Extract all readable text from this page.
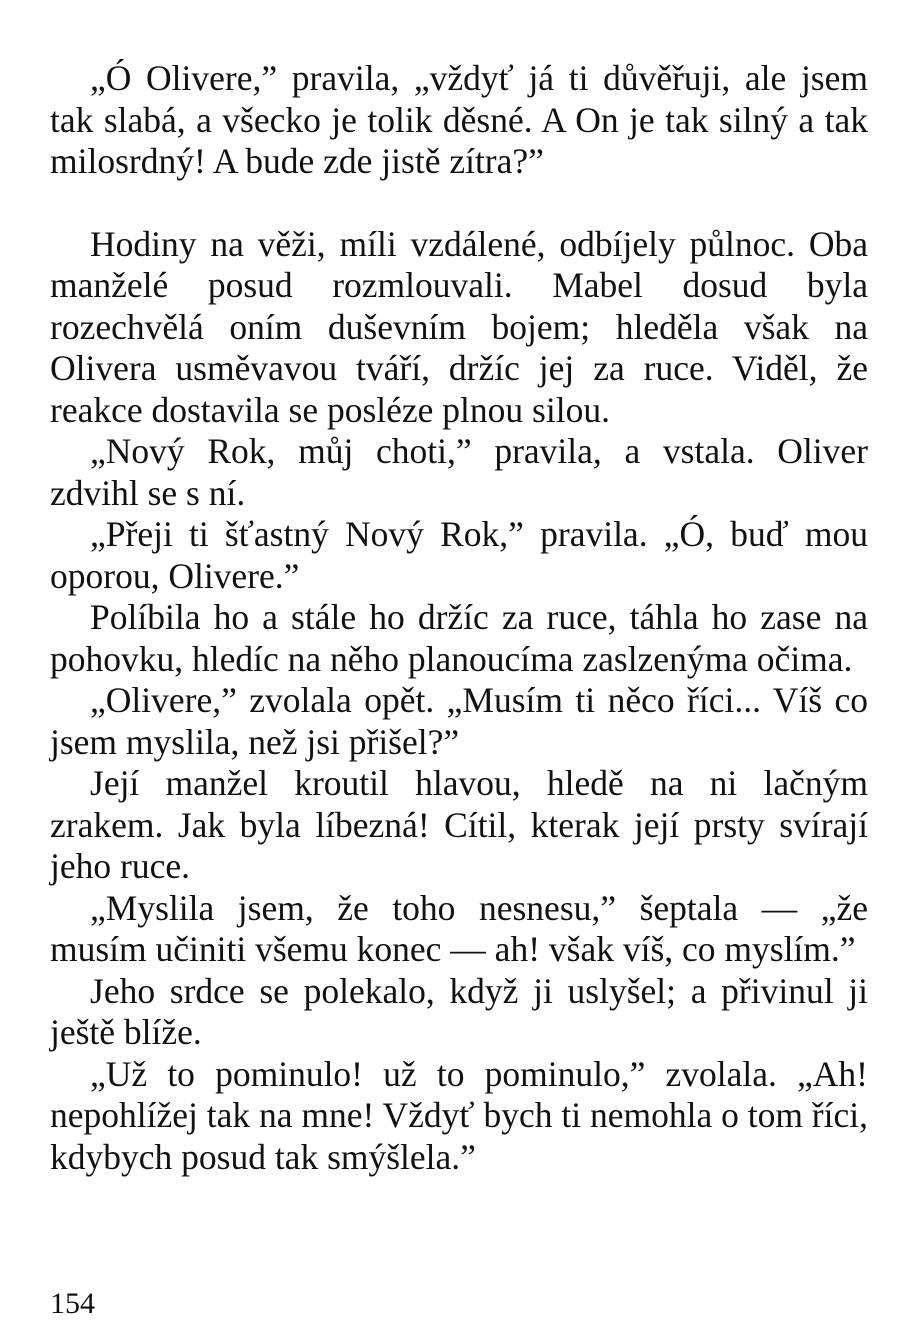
„Ó Olivere,” pravila, „vždyť já ti důvěřuji, ale jsem tak slabá, a všecko je tolik děsné. A On je tak silný a tak milosrdný! A bude zde jistě zítra?”

Hodiny na věži, míli vzdálené, odbíjely půlnoc. Oba manželé posud rozmlouvali. Mabel dosud byla rozechvělá oním duševním bojem; hleděla však na Olivera usměvavou tváří, držíc jej za ruce. Viděl, že reakce dostavila se posléze plnou silou.

„Nový Rok, můj choti,” pravila, a vstala. Oliver zdvihl se s ní.

„Přeji ti šťastný Nový Rok,” pravila. „Ó, buď mou oporou, Olivere.”

Políbila ho a stále ho držíc za ruce, táhla ho zase na pohovku, hledíc na něho planoucíma zaslzenýma očima.

„Olivere,” zvolala opět. „Musím ti něco říci... Víš co jsem myslila, než jsi přišel?”

Její manžel kroutil hlavou, hledě na ni lačným zrakem. Jak byla líbezná! Cítil, kterak její prsty svírají jeho ruce.

„Myslila jsem, že toho nesnesu,” šeptala — „že musím učiniti všemu konec — ah! však víš, co myslím.”

Jeho srdce se polekalo, když ji uslyšel; a přivinul ji ještě blíže.

„Už to pominulo! už to pominulo,” zvolala. „Ah! nepohlížej tak na mne! Vždyť bych ti nemohla o tom říci, kdybych posud tak smýšlela.”

154
